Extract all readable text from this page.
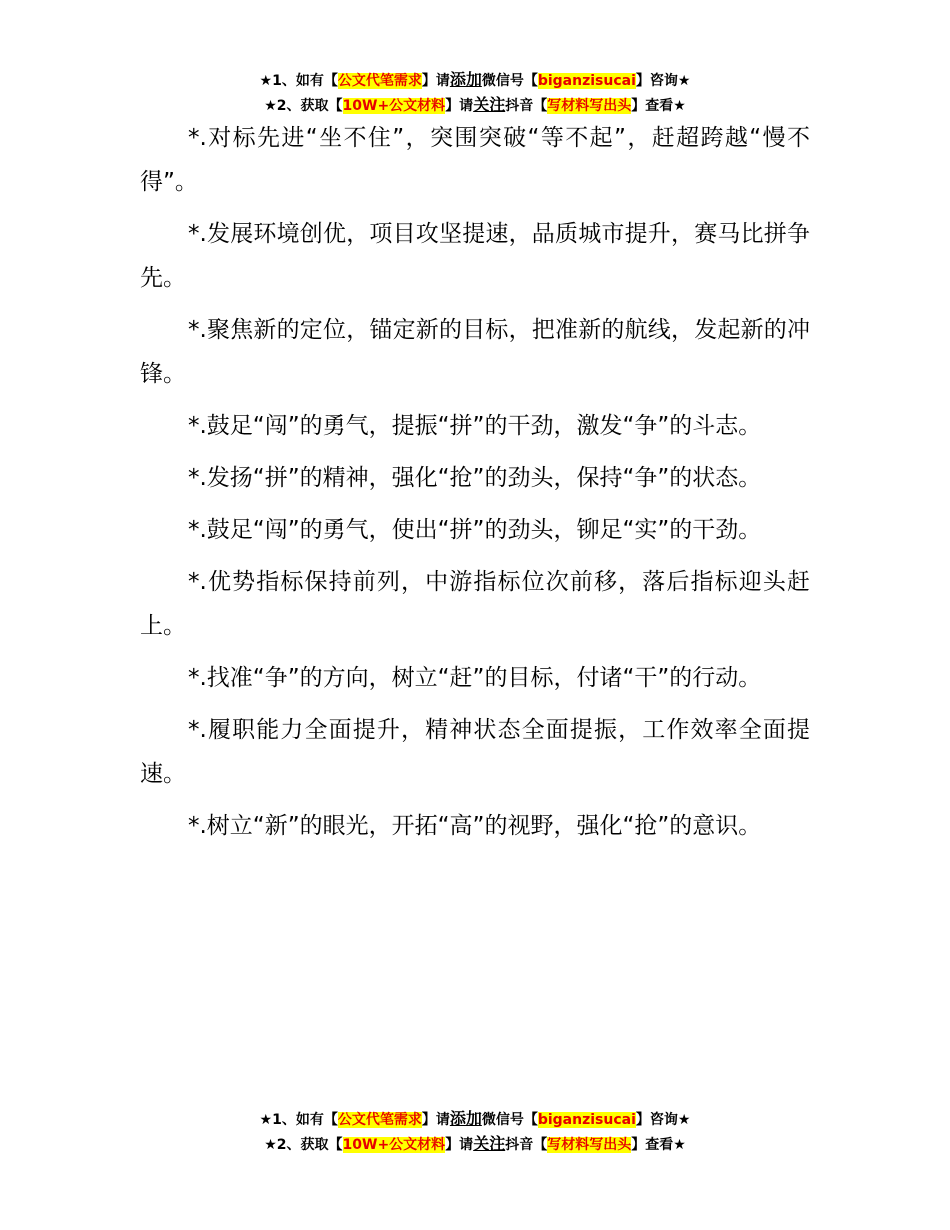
★1、如有【公文代笔需求】请添加微信号【biganzisucai】咨询★
★2、获取【10W+公文材料】请关注抖音【写材料写出头】查看★

*.对标先进“坐不住”，突围突破“等不起”，赶超跨越“慢不得”。

*.发展环境创优，项目攻坚提速，品质城市提升，赛马比拼争先。

*.聚焦新的定位，锚定新的目标，把准新的航线，发起新的冲锋。

*.鼓足“闯”的勇气，提振“拼”的干劲，激发“争”的斗志。

*.发扬“拼”的精神，强化“抢”的劲头，保持“争”的状态。

*.鼓足“闯”的勇气，使出“拼”的劲头，铆足“实”的干劲。

*.优势指标保持前列，中游指标位次前移，落后指标迎头赶上。

*.找准“争”的方向，树立“赶”的目标，付诸“干”的行动。

*.履职能力全面提升，精神状态全面提振，工作效率全面提速。

*.树立“新”的眼光，开拓“高”的视野，强化“抢”的意识。

★1、如有【公文代笔需求】请添加微信号【biganzisucai】咨询★
★2、获取【10W+公文材料】请关注抖音【写材料写出头】查看★
